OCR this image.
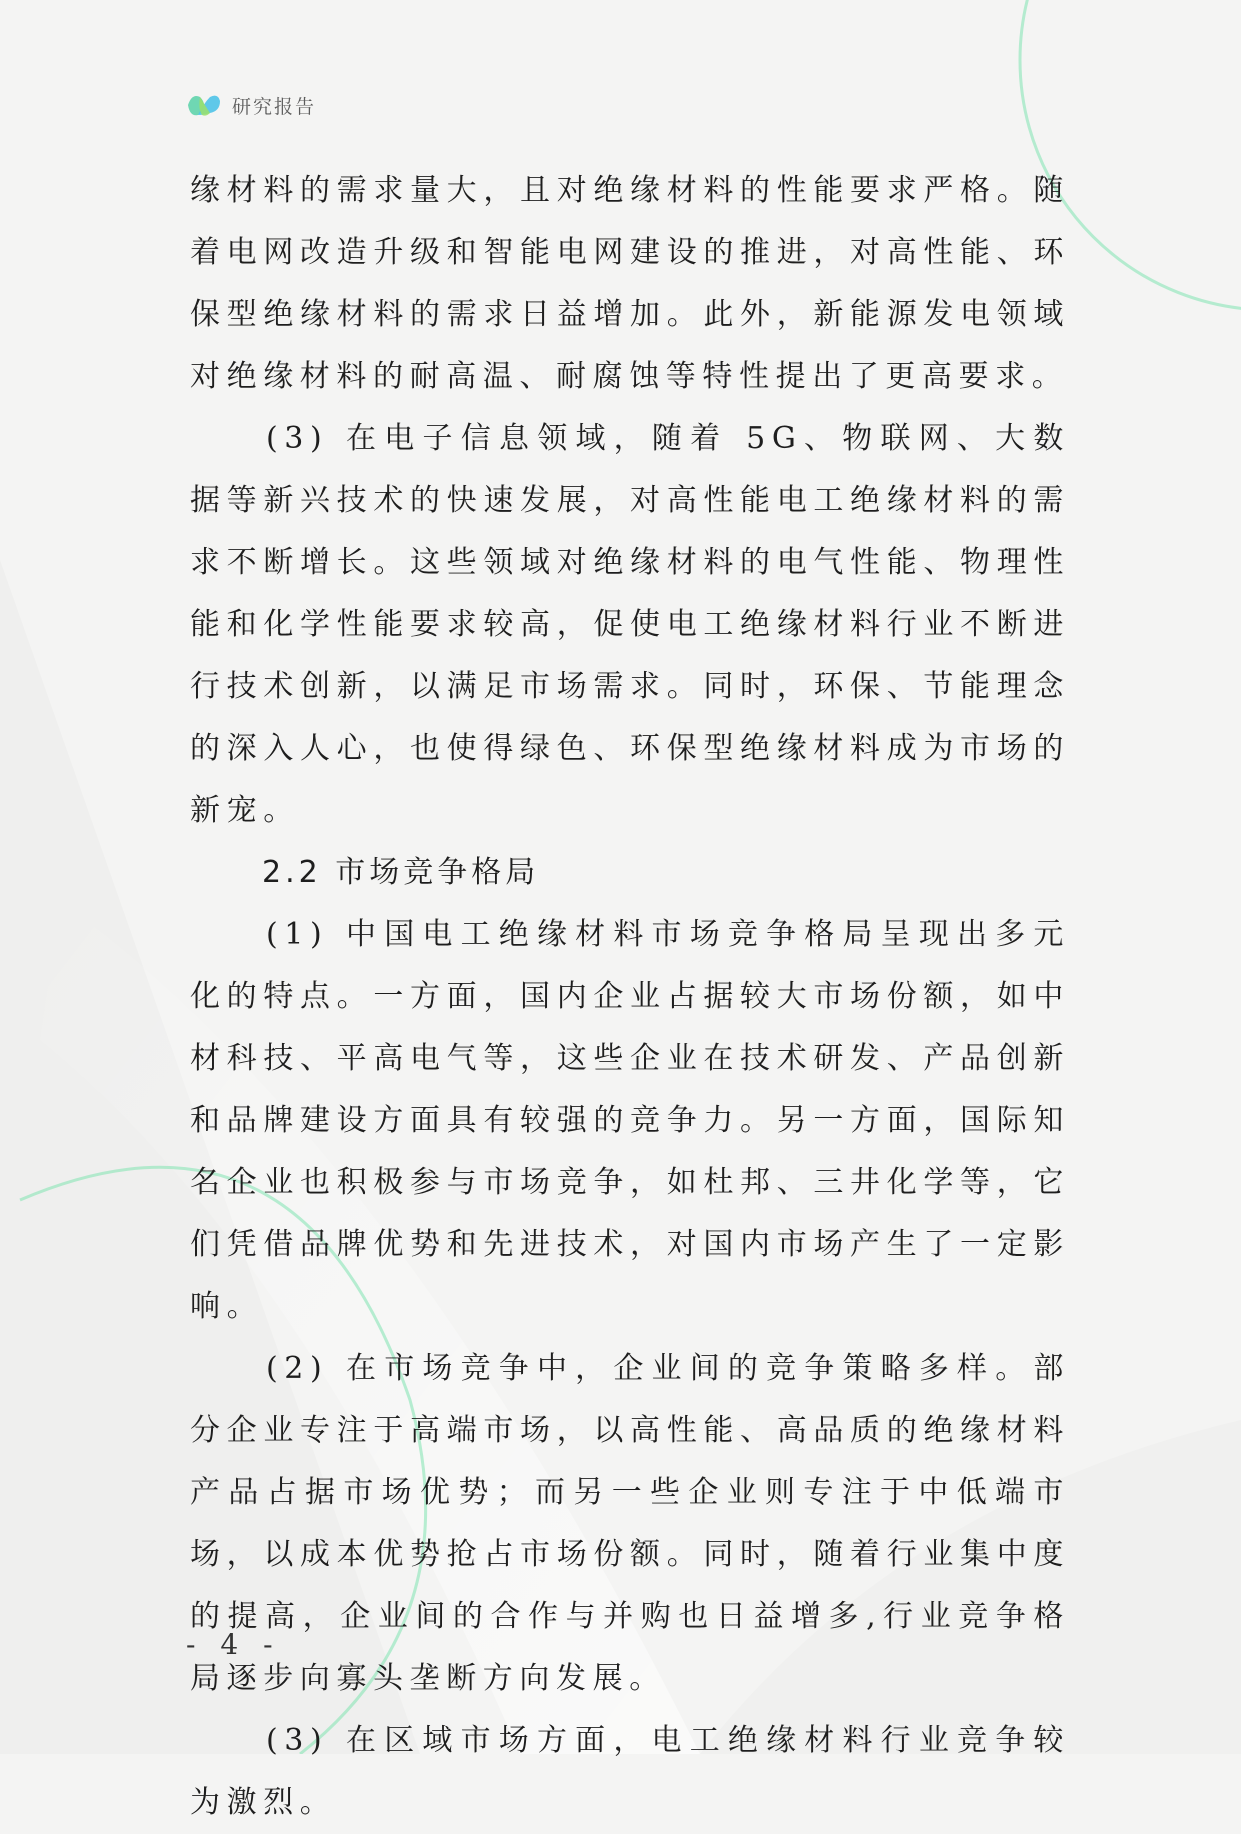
研究报告

缘材料的需求量大，且对绝缘材料的性能要求严格。随着电网改造升级和智能电网建设的推进，对高性能、环保型绝缘材料的需求日益增加。此外，新能源发电领域对绝缘材料的耐高温、耐腐蚀等特性提出了更高要求。

(3) 在电子信息领域，随着 5G、物联网、大数据等新兴技术的快速发展，对高性能电工绝缘材料的需求不断增长。这些领域对绝缘材料的电气性能、物理性能和化学性能要求较高，促使电工绝缘材料行业不断进行技术创新，以满足市场需求。同时，环保、节能理念的深入人心，也使得绿色、环保型绝缘材料成为市场的新宠。

2.2 市场竞争格局

(1) 中国电工绝缘材料市场竞争格局呈现出多元化的特点。一方面，国内企业占据较大市场份额，如中材科技、平高电气等，这些企业在技术研发、产品创新和品牌建设方面具有较强的竞争力。另一方面，国际知名企业也积极参与市场竞争，如杜邦、三井化学等，它们凭借品牌优势和先进技术，对国内市场产生了一定影响。

(2) 在市场竞争中，企业间的竞争策略多样。部分企业专注于高端市场，以高性能、高品质的绝缘材料产品占据市场优势；而另一些企业则专注于中低端市场，以成本优势抢占市场份额。同时，随着行业集中度的提高，企业间的合作与并购也日益增多,行业竞争格局逐步向寡头垄断方向发展。

(3) 在区域市场方面，电工绝缘材料行业竞争较为激烈。

- 4 -
